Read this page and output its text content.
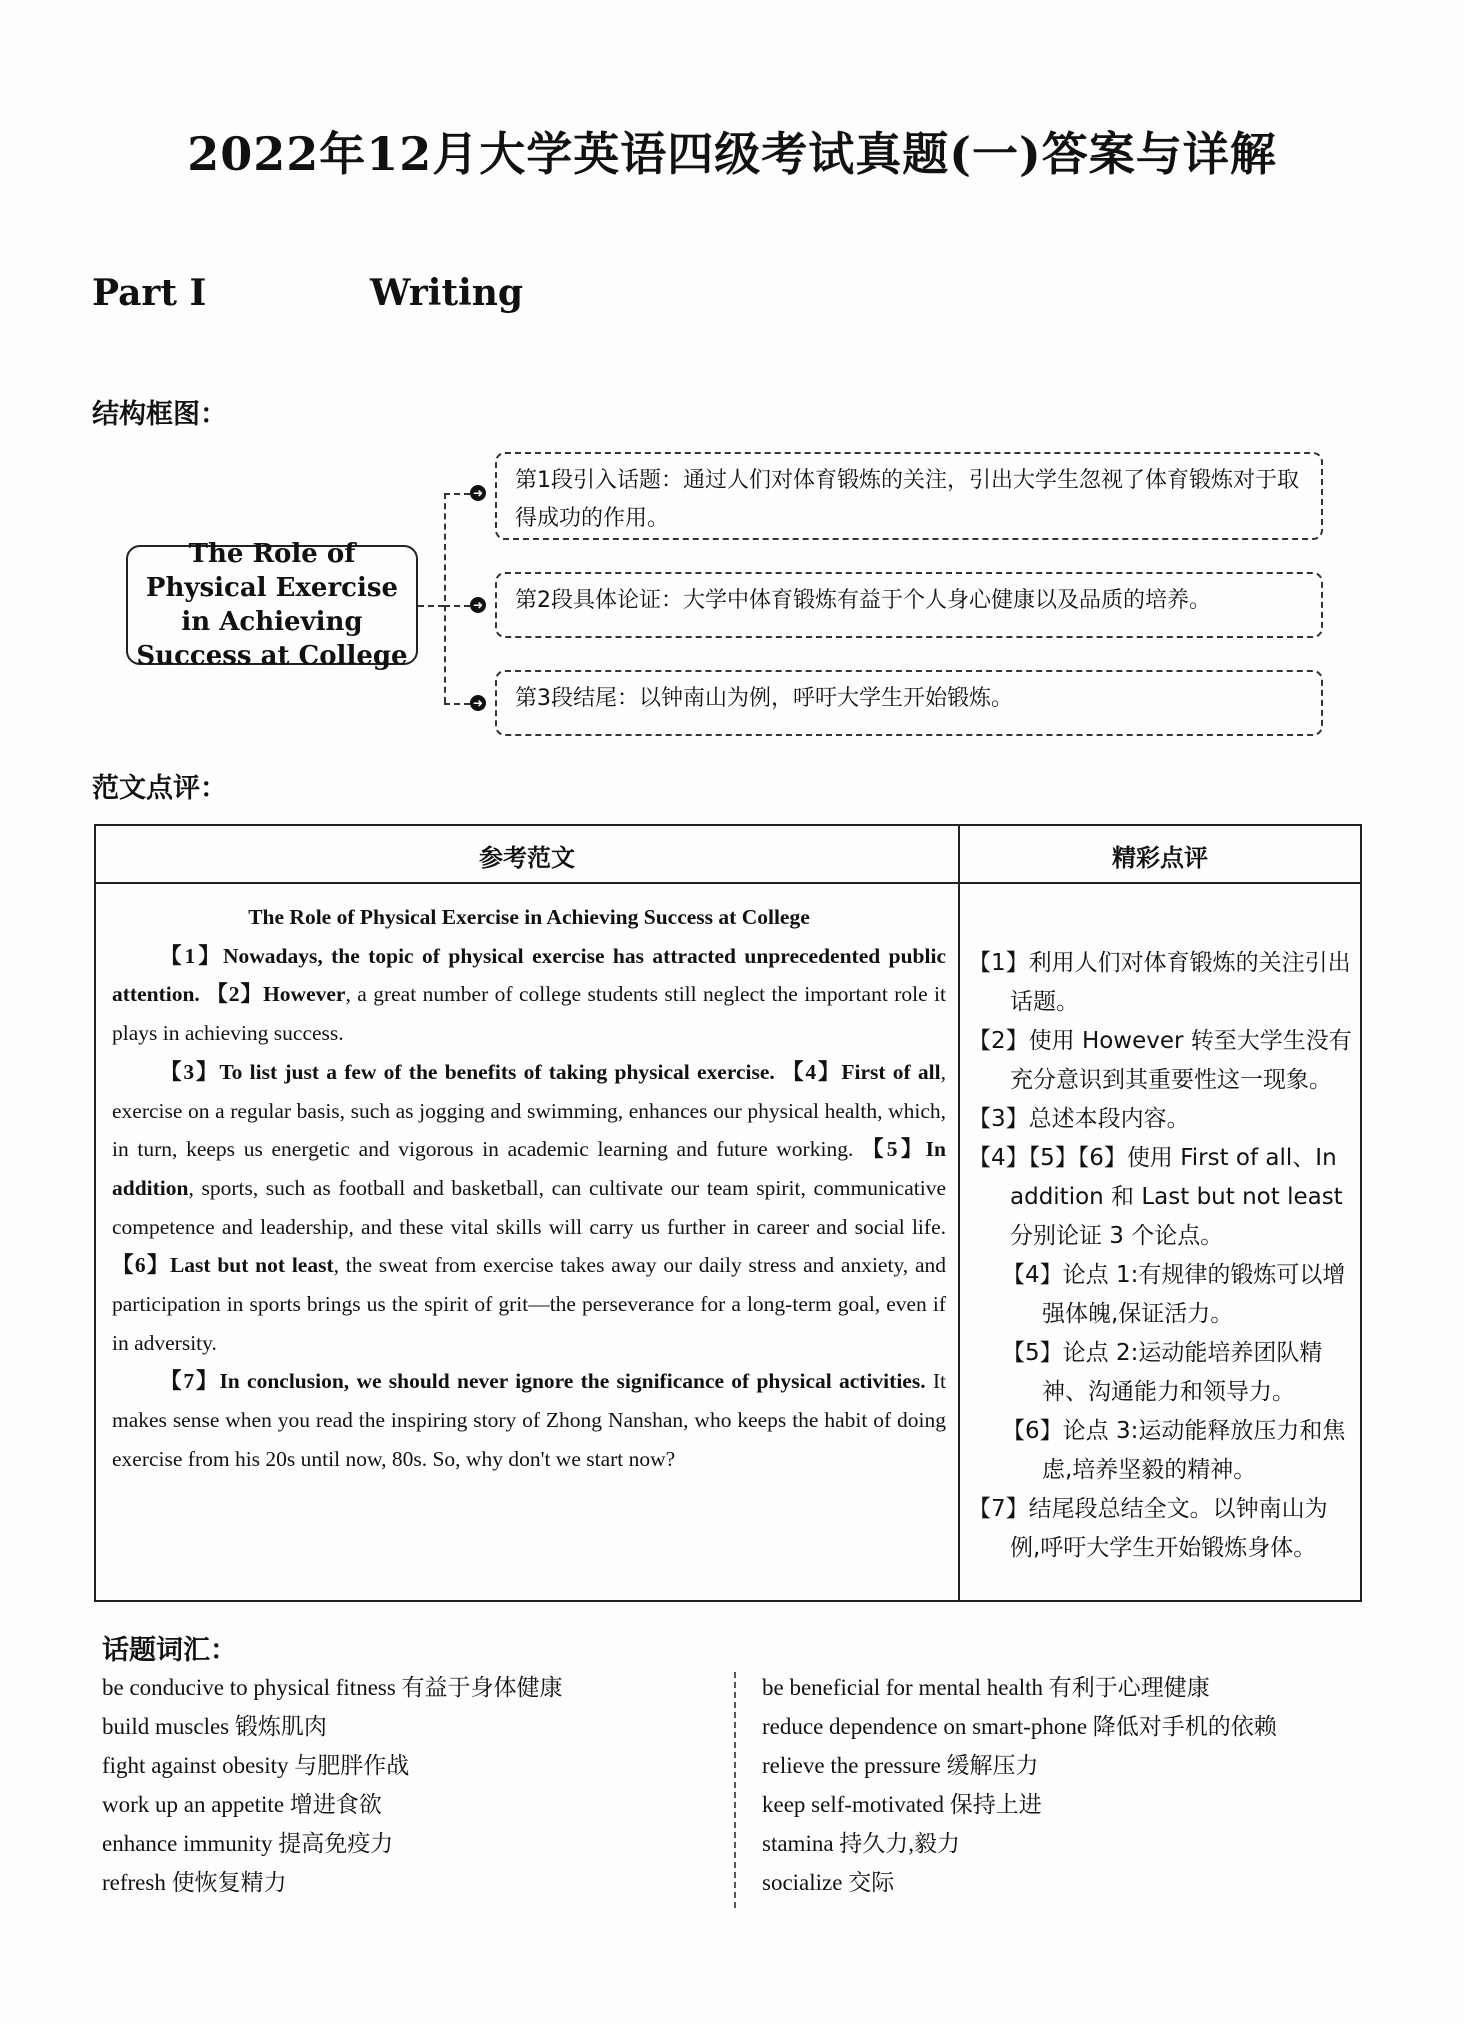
2022年12月大学英语四级考试真题(一)答案与详解
Part Ⅰ	Writing
结构框图：
The Role of Physical Exercise in Achieving Success at College
➜
➜
➜
第1段引入话题：通过人们对体育锻炼的关注，引出大学生忽视了体育锻炼对于取得成功的作用。
第2段具体论证：大学中体育锻炼有益于个人身心健康以及品质的培养。
第3段结尾：以钟南山为例，呼吁大学生开始锻炼。
范文点评：
参考范文	精彩点评
The Role of Physical Exercise in Achieving Success at College

【1】Nowadays, the topic of physical exercise has attracted unprecedented public attention. 【2】However, a great number of college students still neglect the important role it plays in achieving success.

【3】To list just a few of the benefits of taking physical exercise. 【4】First of all, exercise on a regular basis, such as jogging and swimming, enhances our physical health, which, in turn, keeps us energetic and vigorous in academic learning and future working. 【5】In addition, sports, such as football and basketball, can cultivate our team spirit, communicative competence and leadership, and these vital skills will carry us further in career and social life. 【6】Last but not least, the sweat from exercise takes away our daily stress and anxiety, and participation in sports brings us the spirit of grit—the perseverance for a long-term goal, even if in adversity.

【7】In conclusion, we should never ignore the significance of physical activities. It makes sense when you read the inspiring story of Zhong Nanshan, who keeps the habit of doing exercise from his 20s until now, 80s. So, why don't we start now?

【1】利用人们对体育锻炼的关注引出话题。
【2】使用 However 转至大学生没有充分意识到其重要性这一现象。
【3】总述本段内容。
【4】【5】【6】使用 First of all、In addition 和 Last but not least 分别论证 3 个论点。
【4】论点 1:有规律的锻炼可以增强体魄,保证活力。
【5】论点 2:运动能培养团队精神、沟通能力和领导力。
【6】论点 3:运动能释放压力和焦虑,培养坚毅的精神。
【7】结尾段总结全文。以钟南山为例,呼吁大学生开始锻炼身体。
话题词汇：
be conducive to physical fitness 有益于身体健康
build muscles 锻炼肌肉
fight against obesity 与肥胖作战
work up an appetite 增进食欲
enhance immunity 提高免疫力
refresh 使恢复精力
be beneficial for mental health 有利于心理健康
reduce dependence on smart-phone 降低对手机的依赖
relieve the pressure 缓解压力
keep self-motivated 保持上进
stamina 持久力,毅力
socialize 交际
